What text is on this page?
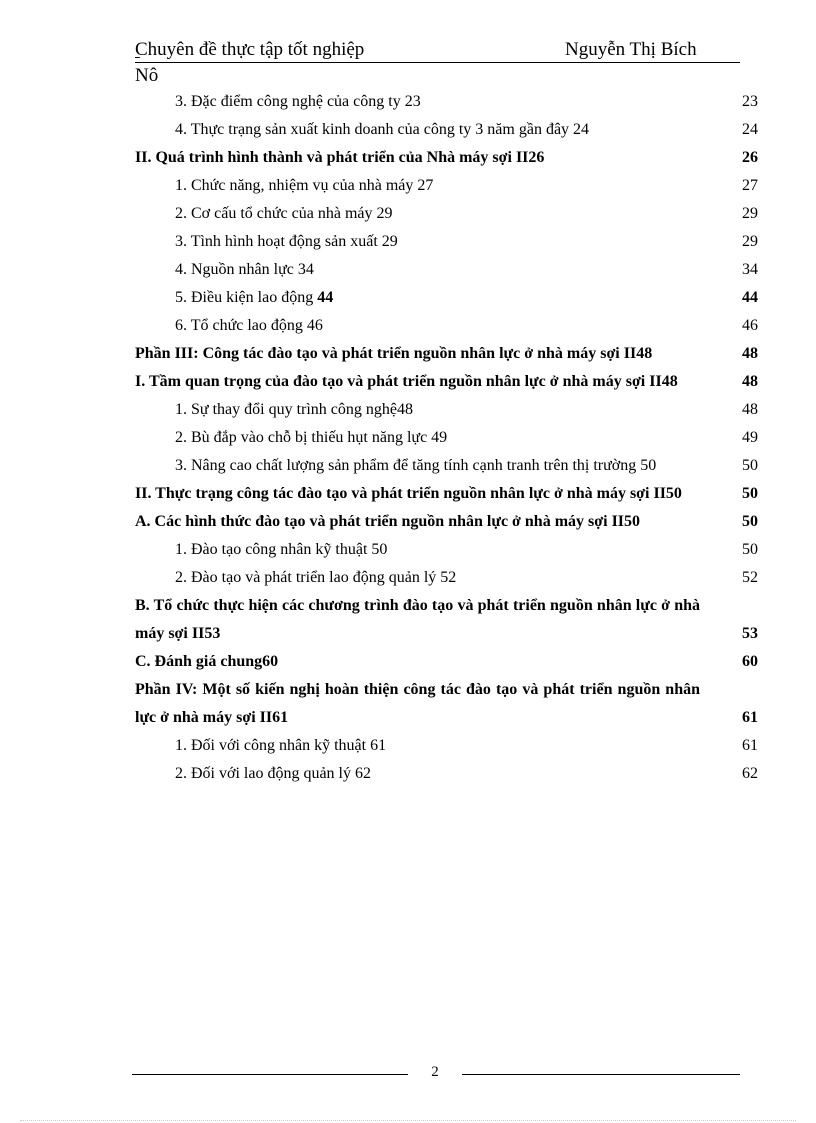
Chuyên đề thực tập tốt nghiệp	Nguyễn Thị Bích

Nô
3. Đặc điểm công nghệ của công ty 23	23
4. Thực trạng sản xuất kinh doanh của công ty 3 năm gần đây 24	24
II. Quá trình hình thành và phát triển của Nhà máy sợi II26	26
1. Chức năng, nhiệm vụ của nhà máy 27	27
2. Cơ cấu tổ chức của nhà máy 29	29
3. Tình hình hoạt động sản xuất 29	29
4. Nguồn nhân lực 34	34
5. Điều kiện lao động 44	44
6. Tổ chức lao động 46	46
Phần III: Công tác đào tạo và phát triển nguồn nhân lực ở nhà máy sợi II48	48
I. Tầm quan trọng của đào tạo và phát triển nguồn nhân lực ở nhà máy sợi II48	48
1. Sự thay đổi quy trình công nghệ48	48
2. Bù đắp vào chỗ bị thiếu hụt năng lực 49	49
3. Nâng cao chất lượng sản phẩm để tăng tính cạnh tranh trên thị trường 50	50
II. Thực trạng công tác đào tạo và phát triển nguồn nhân lực ở nhà máy sợi II50	50
A. Các hình thức đào tạo và phát triển nguồn nhân lực ở nhà máy sợi II50	50
1. Đào tạo công nhân kỹ thuật 50	50
2. Đào tạo và phát triển lao động quản lý 52	52
B. Tổ chức thực hiện các chương trình đào tạo và phát triển nguồn nhân lực ở nhà máy sợi II53	53
C. Đánh giá chung60	60
Phần IV: Một số kiến nghị hoàn thiện công tác đào tạo và phát triển nguồn nhân lực ở nhà máy sợi II61	61
1. Đối với công nhân kỹ thuật 61	61
2. Đối với lao động quản lý 62	62
2
